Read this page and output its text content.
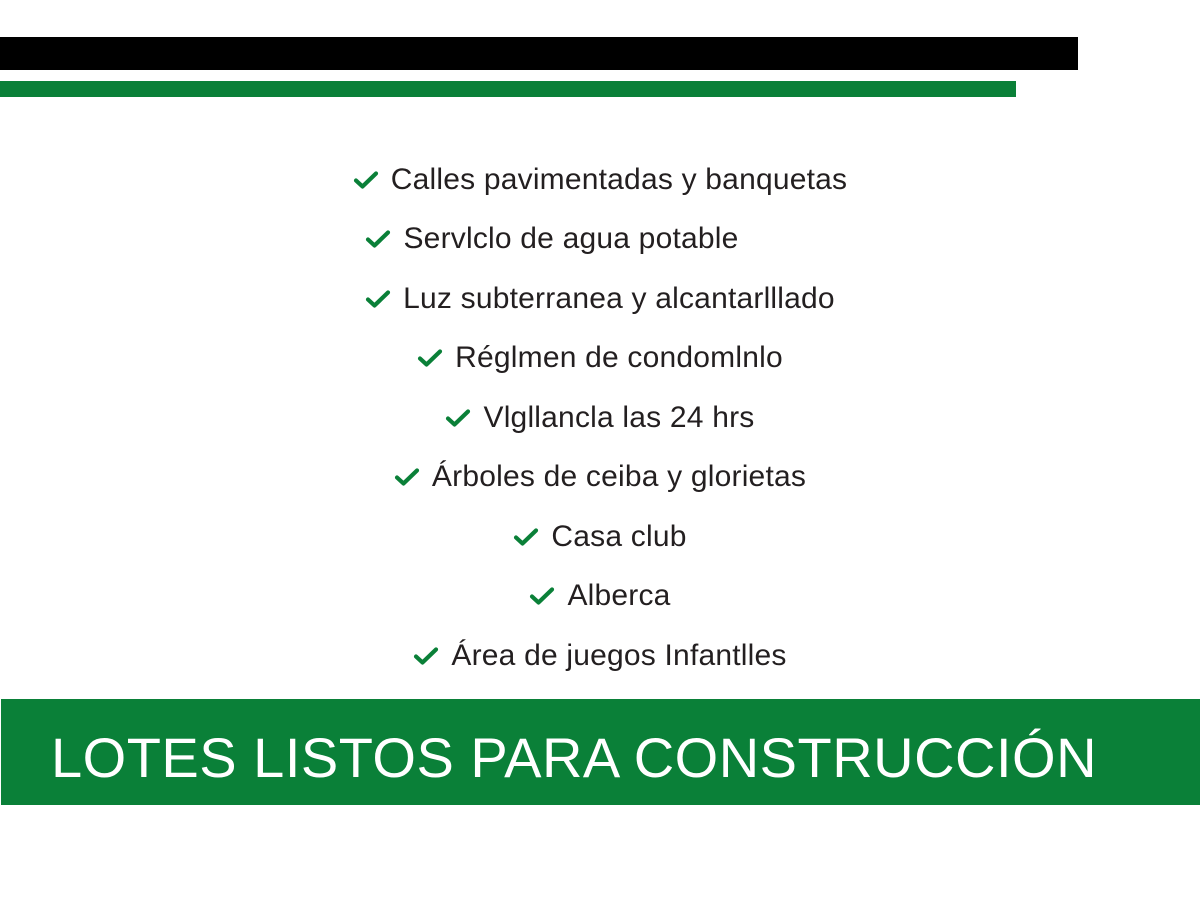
Calles pavimentadas y banquetas
Servlclo de agua potable
Luz subterranea y alcantarlllado
Réglmen de condomlnlo
Vlgllancla las 24 hrs
Árboles de ceiba y glorietas
Casa club
Alberca
Área de juegos Infantlles
LOTES LISTOS PARA CONSTRUCCIÓN
